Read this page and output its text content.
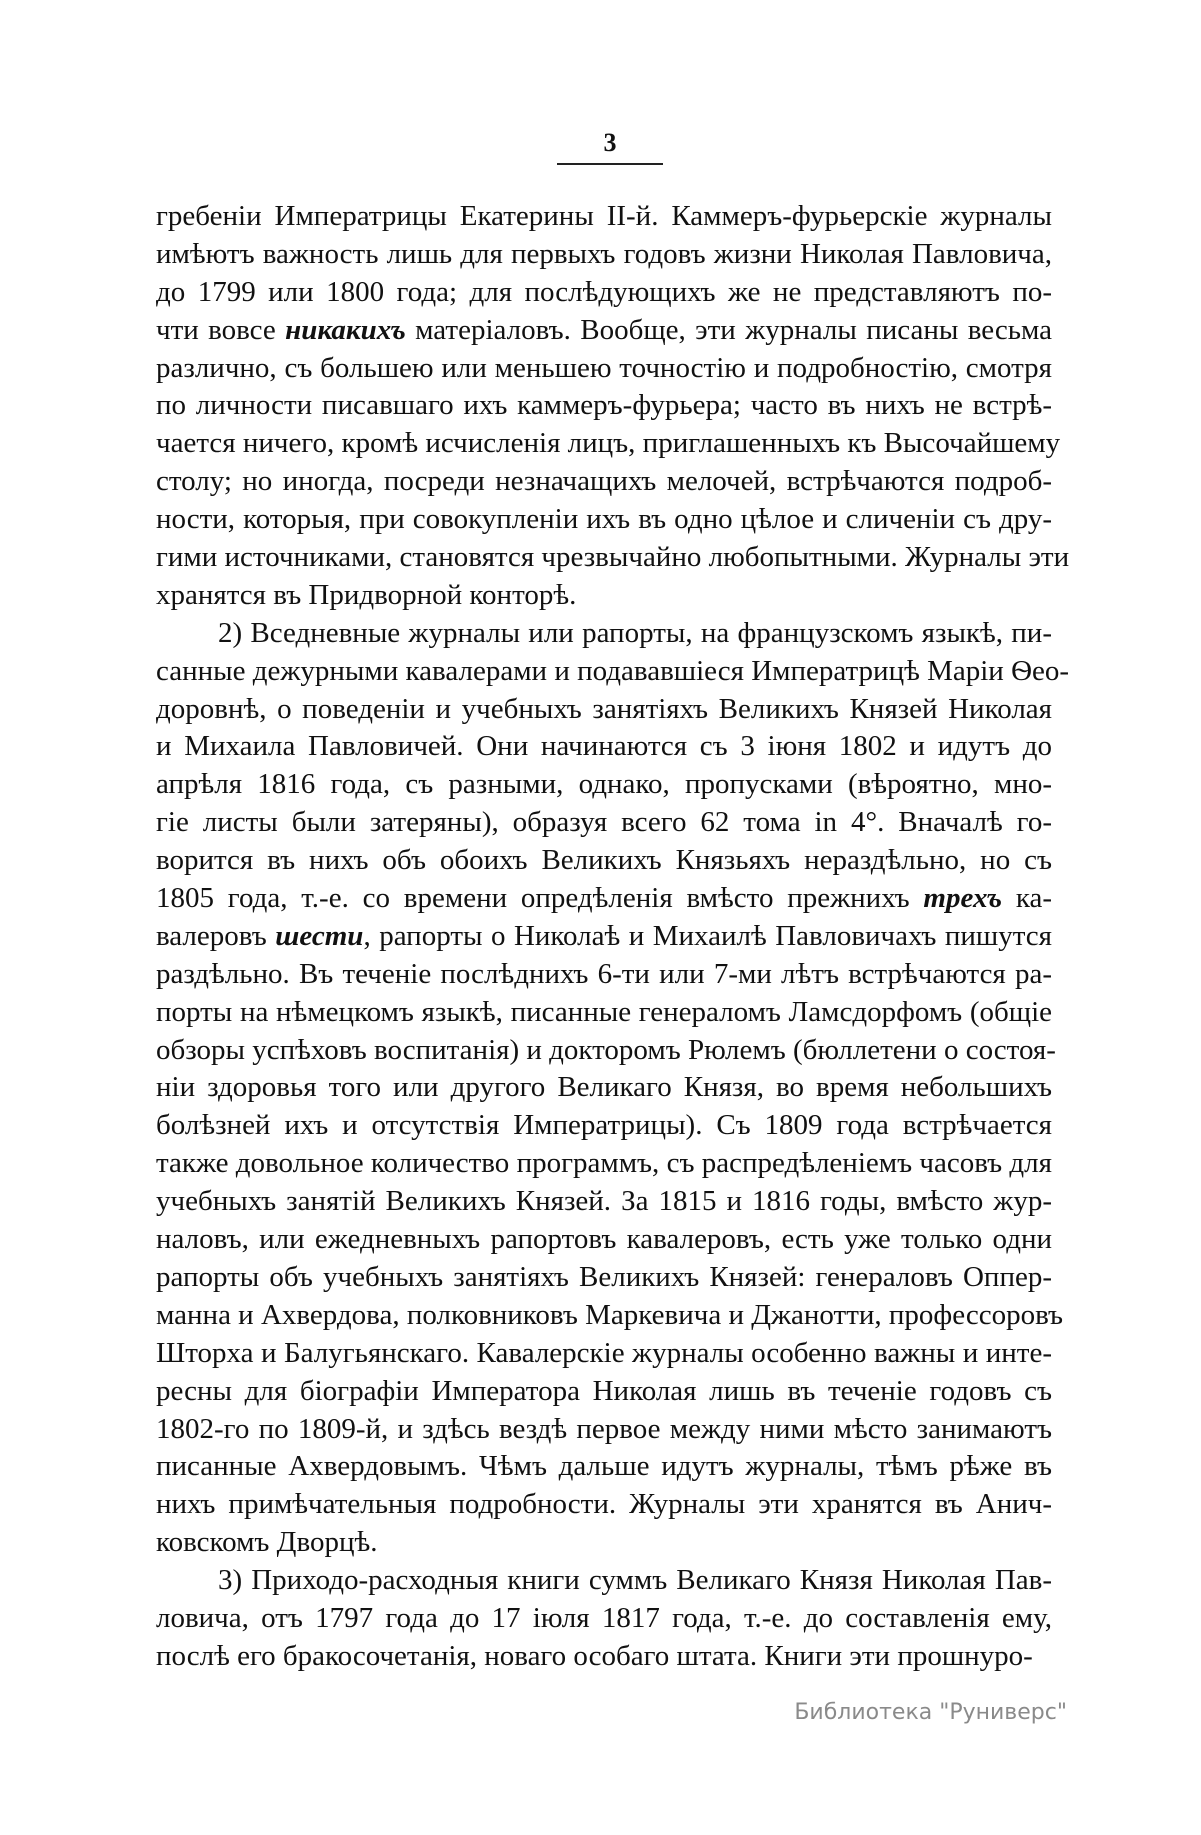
3
гребеніи Императрицы Екатерины II-й. Каммеръ-фурьерскіе журналы
имѣютъ важность лишь для первыхъ годовъ жизни Николая Павловича,
до 1799 или 1800 года; для послѣдующихъ же не представляютъ по-
чти вовсе никакихъ матеріаловъ. Вообще, эти журналы писаны весьма
различно, съ большею или меньшею точностію и подробностію, смотря
по личности писавшаго ихъ каммеръ-фурьера; часто въ нихъ не встрѣ-
чается ничего, кромѣ исчисленія лицъ, приглашенныхъ къ Высочайшему
столу; но иногда, посреди незначащихъ мелочей, встрѣчаются подроб-
ности, которыя, при совокупленіи ихъ въ одно цѣлое и сличеніи съ дру-
гими источниками, становятся чрезвычайно любопытными. Журналы эти
хранятся въ Придворной конторѣ.
2) Вседневные журналы или рапорты, на французскомъ языкѣ, пи-
санные дежурными кавалерами и подававшіеся Императрицѣ Маріи Ѳео-
доровнѣ, о поведеніи и учебныхъ занятіяхъ Великихъ Князей Николая
и Михаила Павловичей. Они начинаются съ 3 іюня 1802 и идутъ до
апрѣля 1816 года, съ разными, однако, пропусками (вѣроятно, мно-
гіе листы были затеряны), образуя всего 62 тома in 4°. Вначалѣ го-
ворится въ нихъ объ обоихъ Великихъ Князьяхъ нераздѣльно, но съ
1805 года, т.-е. со времени опредѣленія вмѣсто прежнихъ трехъ ка-
валеровъ шести, рапорты о Николаѣ и Михаилѣ Павловичахъ пишутся
раздѣльно. Въ теченіе послѣднихъ 6-ти или 7-ми лѣтъ встрѣчаются ра-
порты на нѣмецкомъ языкѣ, писанные генераломъ Ламсдорфомъ (общіе
обзоры успѣховъ воспитанія) и докторомъ Рюлемъ (бюллетени о состоя-
ніи здоровья того или другого Великаго Князя, во время небольшихъ
болѣзней ихъ и отсутствія Императрицы). Съ 1809 года встрѣчается
также довольное количество программъ, съ распредѣленіемъ часовъ для
учебныхъ занятій Великихъ Князей. За 1815 и 1816 годы, вмѣсто жур-
наловъ, или ежедневныхъ рапортовъ кавалеровъ, есть уже только одни
рапорты объ учебныхъ занятіяхъ Великихъ Князей: генераловъ Оппер-
манна и Ахвердова, полковниковъ Маркевича и Джанотти, профессоровъ
Шторха и Балугьянскаго. Кавалерскіе журналы особенно важны и инте-
ресны для біографіи Императора Николая лишь въ теченіе годовъ съ
1802-го по 1809-й, и здѣсь вездѣ первое между ними мѣсто занимаютъ
писанные Ахвердовымъ. Чѣмъ дальше идутъ журналы, тѣмъ рѣже въ
нихъ примѣчательныя подробности. Журналы эти хранятся въ Анич-
ковскомъ Дворцѣ.
3) Приходо-расходныя книги суммъ Великаго Князя Николая Пав-
ловича, отъ 1797 года до 17 іюля 1817 года, т.-е. до составленія ему,
послѣ его бракосочетанія, новаго особаго штата. Книги эти прошнуро-
Библиотека "Руниверс"
